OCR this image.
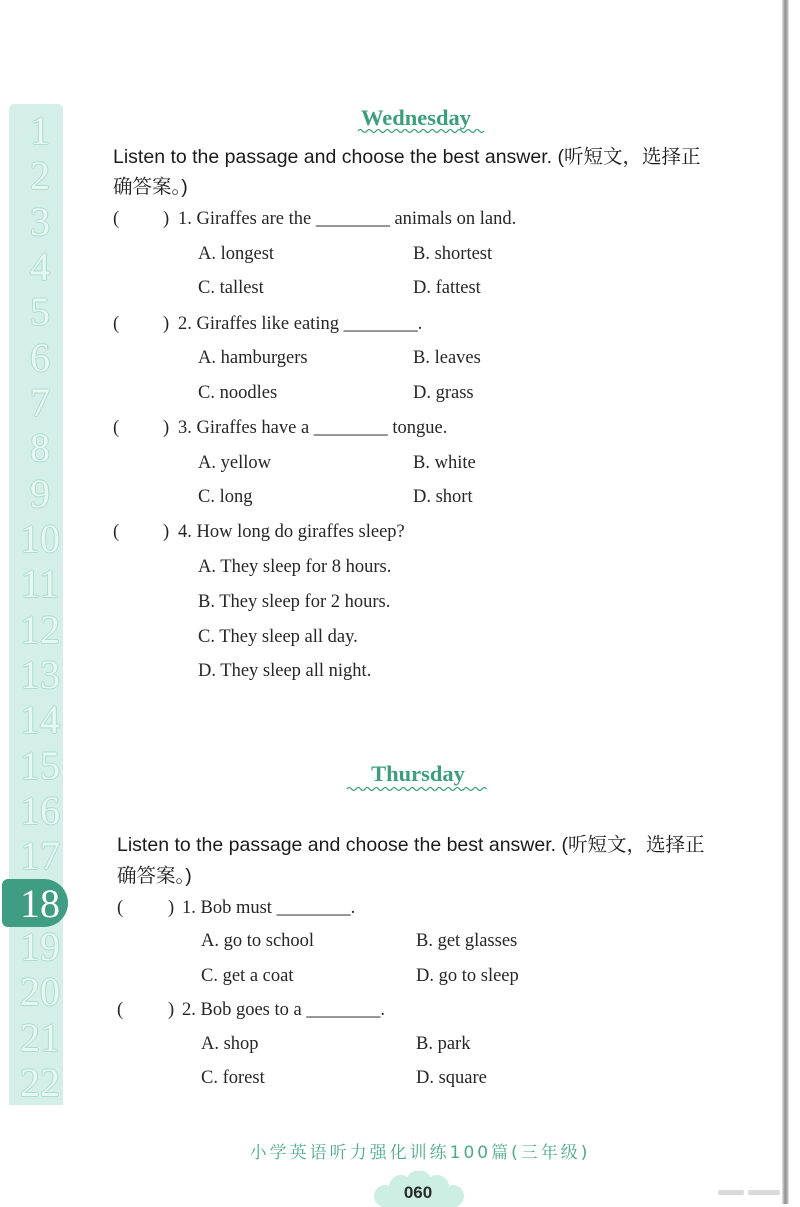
1
2
3
4
5
6
7
8
9
10
11
12
13
14
15
16
17
18
19
20
21
22
Wednesday
Listen to the passage and choose the best answer. (听短文，选择正
确答案。)
( ) 1. Giraffes are the ________ animals on land.
A. longest	B. shortest
C. tallest	D. fattest
( ) 2. Giraffes like eating ________.
A. hamburgers	B. leaves
C. noodles	D. grass
( ) 3. Giraffes have a ________ tongue.
A. yellow	B. white
C. long	D. short
( ) 4. How long do giraffes sleep?
A. They sleep for 8 hours.
B. They sleep for 2 hours.
C. They sleep all day.
D. They sleep all night.
Thursday
Listen to the passage and choose the best answer. (听短文，选择正
确答案。)
( ) 1. Bob must ________.
A. go to school	B. get glasses
C. get a coat	D. go to sleep
( ) 2. Bob goes to a ________.
A. shop	B. park
C. forest	D. square
小学英语听力强化训练100篇(三年级)
060
